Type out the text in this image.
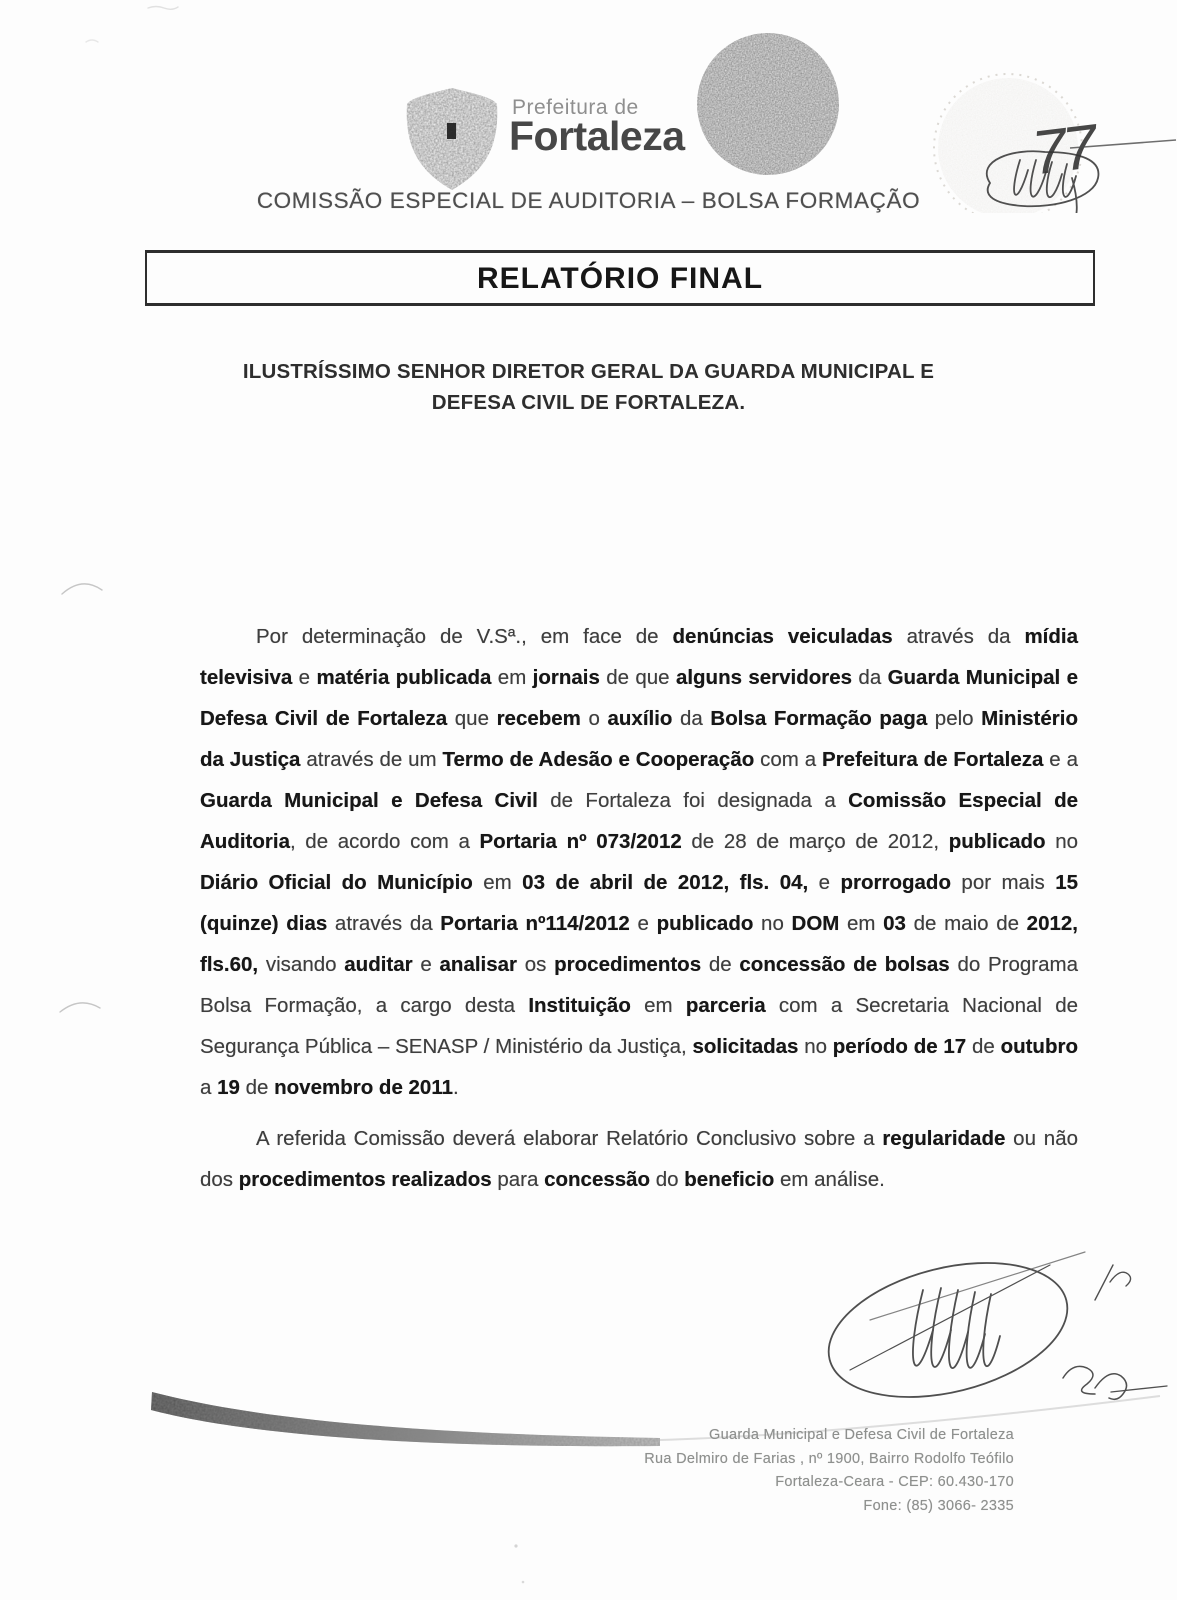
Prefeitura de
Fortaleza	77
COMISSÃO ESPECIAL DE AUDITORIA – BOLSA FORMAÇÃO
RELATÓRIO FINAL
ILUSTRÍSSIMO SENHOR DIRETOR GERAL DA GUARDA MUNICIPAL E
DEFESA CIVIL DE FORTALEZA.

Por determinação de V.Sª., em face de denúncias veiculadas através da mídia televisiva e matéria publicada em jornais de que alguns servidores da Guarda Municipal e Defesa Civil de Fortaleza que recebem o auxílio da Bolsa Formação paga pelo Ministério da Justiça através de um Termo de Adesão e Cooperação com a Prefeitura de Fortaleza e a Guarda Municipal e Defesa Civil de Fortaleza foi designada a Comissão Especial de Auditoria, de acordo com a Portaria nº 073/2012 de 28 de março de 2012, publicado no Diário Oficial do Município em 03 de abril de 2012, fls. 04, e prorrogado por mais 15 (quinze) dias através da Portaria nº114/2012 e publicado no DOM em 03 de maio de 2012, fls.60, visando auditar e analisar os procedimentos de concessão de bolsas do Programa Bolsa Formação, a cargo desta Instituição em parceria com a Secretaria Nacional de Segurança Pública – SENASP / Ministério da Justiça, solicitadas no período de 17 de outubro a 19 de novembro de 2011.

A referida Comissão deverá elaborar Relatório Conclusivo sobre a regularidade ou não dos procedimentos realizados para concessão do beneficio em análise.

Guarda Municipal e Defesa Civil de Fortaleza
Rua Delmiro de Farias , nº 1900, Bairro Rodolfo Teófilo
Fortaleza-Ceara - CEP: 60.430-170
Fone: (85) 3066- 2335
